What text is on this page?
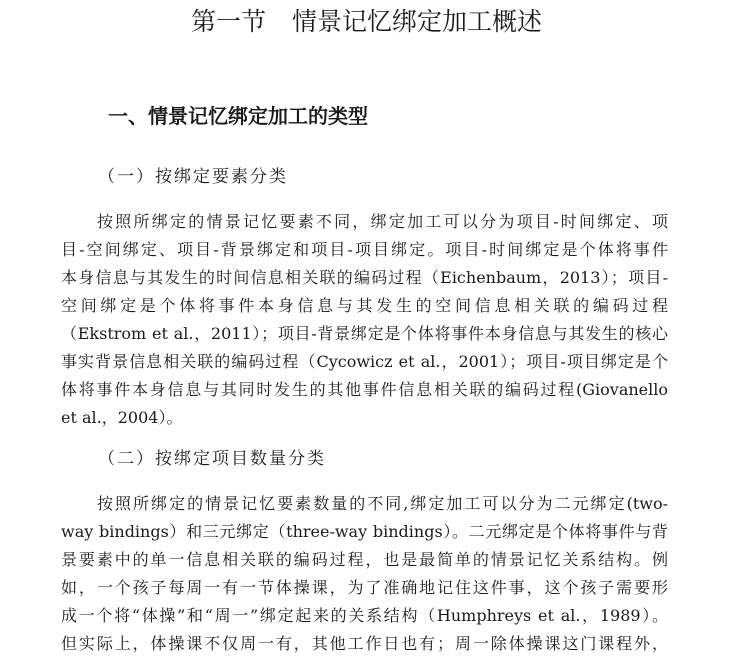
第一节 情景记忆绑定加工概述
一、情景记忆绑定加工的类型
（一）按绑定要素分类
按照所绑定的情景记忆要素不同，绑定加工可以分为项目-时间绑定、项
目-空间绑定、项目-背景绑定和项目-项目绑定。项目-时间绑定是个体将事件
本身信息与其发生的时间信息相关联的编码过程（Eichenbaum，2013）；项目-
空间绑定是个体将事件本身信息与其发生的空间信息相关联的编码过程
（Ekstrom et al.，2011）；项目-背景绑定是个体将事件本身信息与其发生的核心
事实背景信息相关联的编码过程（Cycowicz et al.，2001）；项目-项目绑定是个
体将事件本身信息与其同时发生的其他事件信息相关联的编码过程(Giovanello
et al.，2004）。
（二）按绑定项目数量分类
按照所绑定的情景记忆要素数量的不同,绑定加工可以分为二元绑定(two-
way bindings）和三元绑定（three-way bindings）。二元绑定是个体将事件与背
景要素中的单一信息相关联的编码过程，也是最简单的情景记忆关系结构。例
如，一个孩子每周一有一节体操课，为了准确地记住这件事，这个孩子需要形
成一个将“体操”和“周一”绑定起来的关系结构（Humphreys et al.，1989）。
但实际上，体操课不仅周一有，其他工作日也有；周一除体操课这门课程外，
